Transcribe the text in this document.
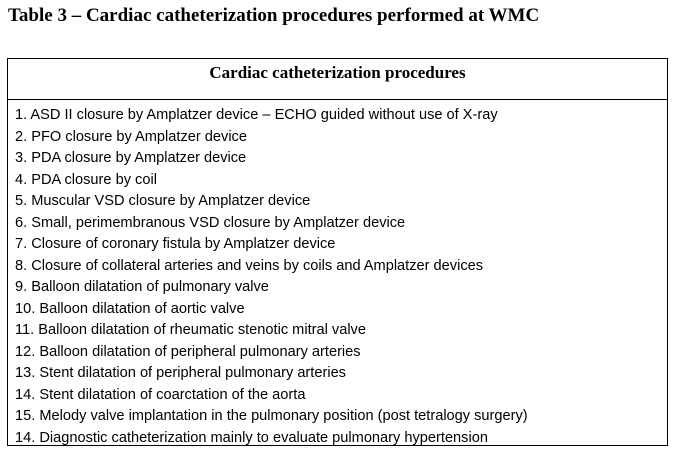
Table 3 – Cardiac catheterization procedures performed at WMC
Cardiac catheterization procedures
1. ASD II closure by Amplatzer device – ECHO guided without use of X-ray
2. PFO closure by Amplatzer device
3. PDA closure by Amplatzer device
4. PDA closure by coil
5. Muscular VSD closure by Amplatzer device
6. Small, perimembranous VSD closure by Amplatzer device
7. Closure of coronary fistula by Amplatzer device
8. Closure of collateral arteries and veins by coils and Amplatzer devices
9. Balloon dilatation of pulmonary valve
10. Balloon dilatation of aortic valve
11. Balloon dilatation of rheumatic stenotic mitral valve
12. Balloon dilatation of peripheral pulmonary arteries
13. Stent dilatation of peripheral pulmonary arteries
14. Stent dilatation of coarctation of the aorta
15. Melody valve implantation in the pulmonary position (post tetralogy surgery)
14. Diagnostic catheterization mainly to evaluate pulmonary hypertension
